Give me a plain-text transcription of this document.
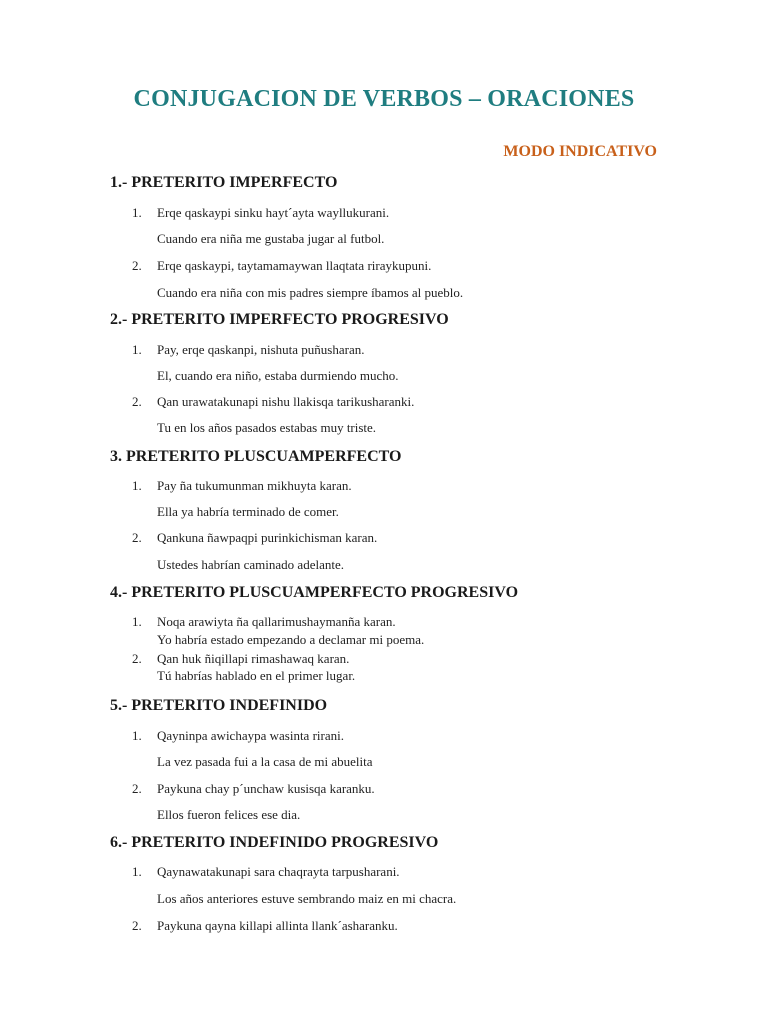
CONJUGACION DE VERBOS – ORACIONES
MODO INDICATIVO
1.- PRETERITO IMPERFECTO
1. Erqe qaskaypi sinku hayt´ayta wayllukurani.
Cuando era niña me gustaba jugar al futbol.
2. Erqe qaskaypi, taytamamaywan llaqtata riraykupuni.
Cuando era niña con mis padres siempre íbamos al pueblo.
2.- PRETERITO IMPERFECTO PROGRESIVO
1. Pay, erqe qaskanpi, nishuta puñusharan.
El, cuando era niño, estaba durmiendo mucho.
2. Qan urawatakunapi nishu llakisqa tarikusharanki.
Tu en los años pasados estabas muy triste.
3. PRETERITO PLUSCUAMPERFECTO
1. Pay ña tukumunman mikhuyta karan.
Ella ya habría terminado de comer.
2. Qankuna ñawpaqpi purinkichisman karan.
Ustedes habrían caminado adelante.
4.- PRETERITO PLUSCUAMPERFECTO PROGRESIVO
1. Noqa arawiyta ña qallarimushaymanña karan.
Yo habría estado empezando a declamar mi poema.
2. Qan huk ñiqillapi rimashawaq karan.
Tú habrías hablado en el primer lugar.
5.- PRETERITO INDEFINIDO
1. Qayninpa awichaypa wasinta rirani.
La vez pasada fui a la casa de mi abuelita
2. Paykuna chay p´unchaw kusisqa karanku.
Ellos fueron felices ese dia.
6.- PRETERITO INDEFINIDO PROGRESIVO
1. Qaynawatakunapi sara chaqrayta tarpusharani.
Los años anteriores estuve sembrando maiz en mi chacra.
2. Paykuna qayna killapi allinta llank´asharanku.
